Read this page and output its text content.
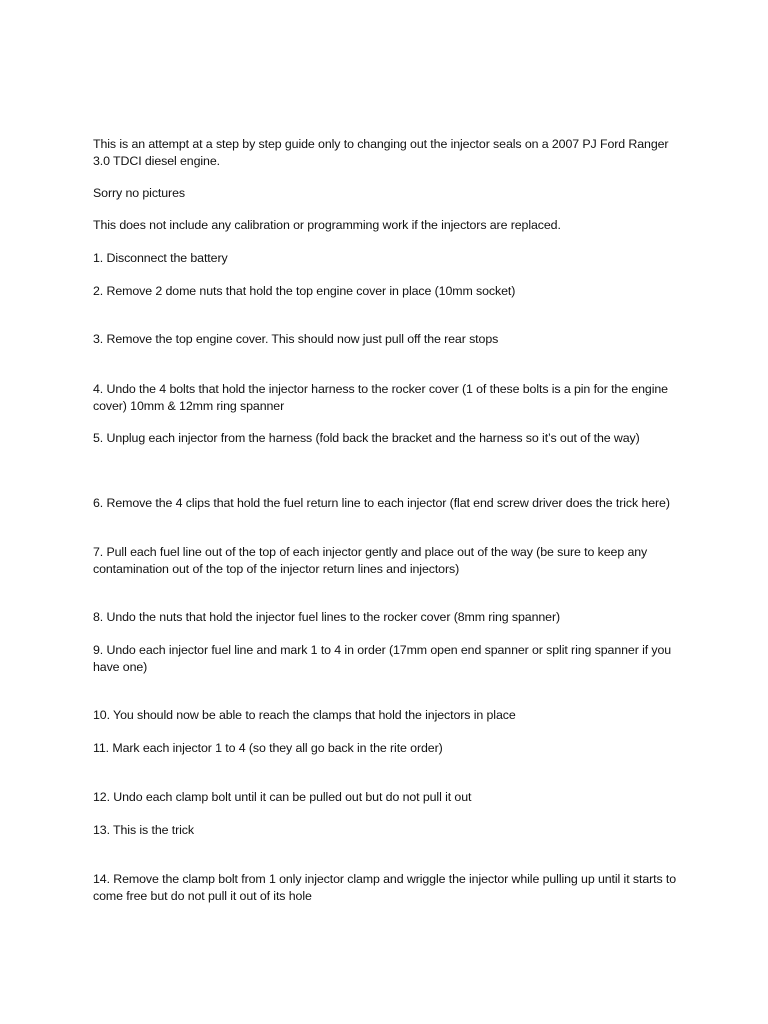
This is an attempt at a step by step guide only to changing out the injector seals on a 2007 PJ Ford Ranger 3.0 TDCI diesel engine.

Sorry no pictures

This does not include any calibration or programming work if the injectors are replaced.

1. Disconnect the battery

2. Remove 2 dome nuts that hold the top engine cover in place (10mm socket)

3. Remove the top engine cover. This should now just pull off the rear stops

4. Undo the 4 bolts that hold the injector harness to the rocker cover (1 of these bolts is a pin for the engine cover) 10mm & 12mm ring spanner

5. Unplug each injector from the harness (fold back the bracket and the harness so it’s out of the way)

6. Remove the 4 clips that hold the fuel return line to each injector (flat end screw driver does the trick here)

7. Pull each fuel line out of the top of each injector gently and place out of the way (be sure to keep any contamination out of the top of the injector return lines and injectors)

8. Undo the nuts that hold the injector fuel lines to the rocker cover (8mm ring spanner)

9. Undo each injector fuel line and mark 1 to 4 in order (17mm open end spanner or split ring spanner if you have one)

10. You should now be able to reach the clamps that hold the injectors in place

11. Mark each injector 1 to 4 (so they all go back in the rite order)

12. Undo each clamp bolt until it can be pulled out but do not pull it out

13. This is the trick

14. Remove the clamp bolt from 1 only injector clamp and wriggle the injector while pulling up until it starts to come free but do not pull it out of its hole
